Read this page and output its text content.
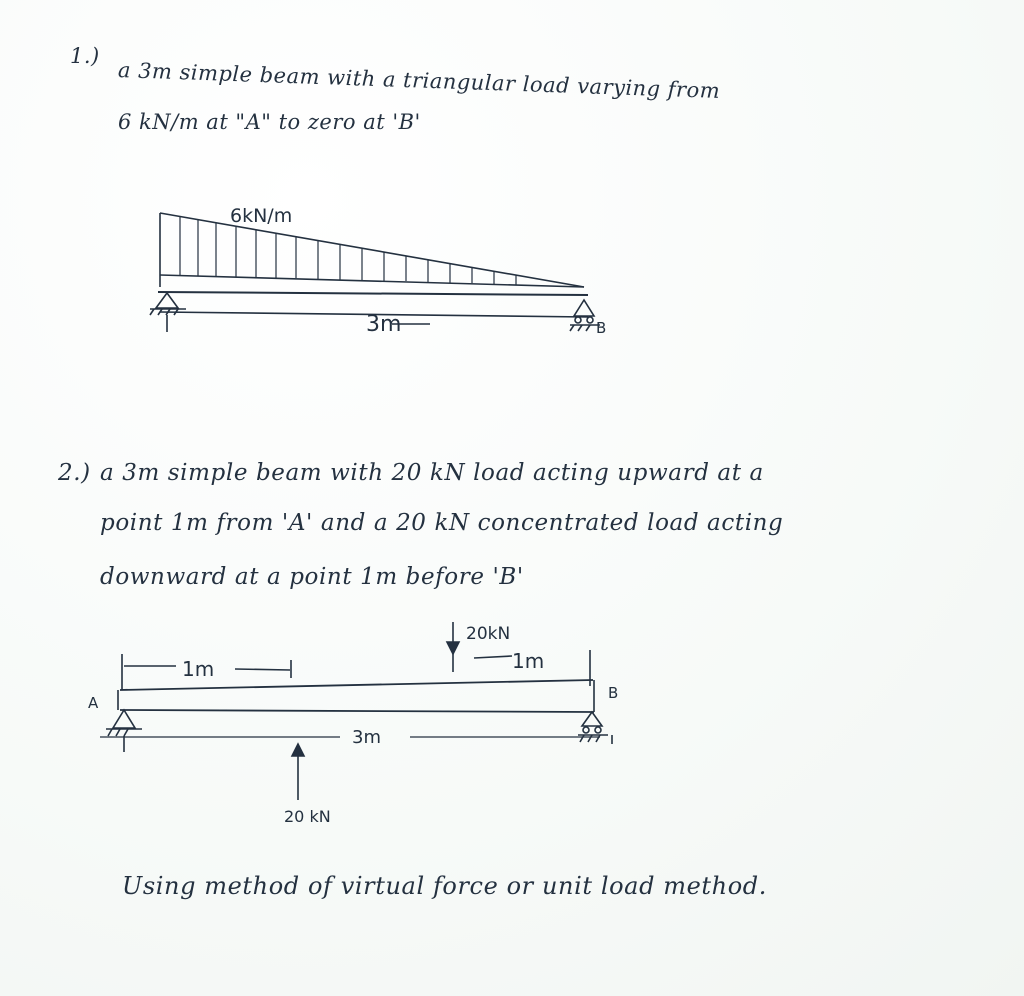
1.)
a 3m simple beam with a triangular load varying from
6 kN/m at "A" to zero at 'B'
6kN/m
3m	B
2.) a 3m simple beam with 20 kN load acting upward at a
point 1m from 'A' and a 20 kN concentrated load acting
downward at a point 1m before 'B'
1m	1m
20kN
A
B
3m
20 kN
Using method of virtual force or unit load method.
